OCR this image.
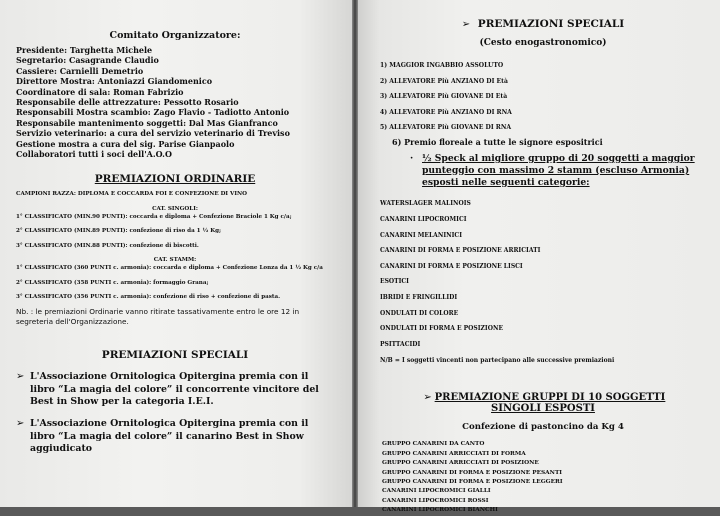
Comitato Organizzatore:
Presidente: Targhetta Michele
Segretario: Casagrande Claudio
Cassiere: Carnielli Demetrio
Direttore Mostra: Antoniazzi Giandomenico
Coordinatore di sala: Roman Fabrizio
Responsabile delle attrezzature: Pessotto Rosario
Responsabili Mostra scambio: Zago Flavio - Tadiotto Antonio
Responsabile mantenimento soggetti: Dal Mas Gianfranco
Servizio veterinario: a cura del servizio veterinario di Treviso
Gestione mostra a cura del sig. Parise Gianpaolo
Collaboratori tutti i soci dell'A.O.O
PREMIAZIONI ORDINARIE
CAMPIONI RAZZA: DIPLOMA E COCCARDA FOI E CONFEZIONE DI VINO
CAT. SINGOLI:
1° CLASSIFICATO (MIN.90 PUNTI): coccarda e diploma + Confezione Braciole 1 Kg c/a;
2° CLASSIFICATO (MIN.89 PUNTI): confezione di riso da 1 ½ Kg;
3° CLASSIFICATO (MIN.88 PUNTI): confezione di biscotti.
CAT. STAMM:
1° CLASSIFICATO (360 PUNTI c. armonia): coccarda e diploma + Confezione Lonza da 1 ½ Kg c/a
2° CLASSIFICATO (358 PUNTI c. armonia): formaggio Grana;
3° CLASSIFICATO (356 PUNTI c. armonia): confezione di riso + confezione di pasta.
Nb. : le premiazioni Ordinarie vanno ritirate tassativamente entro le ore 12 in segreteria dell'Organizzazione.
PREMIAZIONI SPECIALI
➢ L'Associazione Ornitologica Opitergina premia con il libro “La magia del colore” il concorrente vincitore del Best in Show per la categoria I.E.I.
➢ L'Associazione Ornitologica Opitergina premia con il libro “La magia del colore” il canarino Best in Show aggiudicato
➢ PREMIAZIONI SPECIALI
(Cesto enogastronomico)
1) MAGGIOR INGABBIO ASSOLUTO
2) ALLEVATORE Più ANZIANO DI Età
3) ALLEVATORE Più GIOVANE DI Età
4) ALLEVATORE Più ANZIANO DI RNA
5) ALLEVATORE Più GIOVANE DI RNA
6) Premio floreale a tutte le signore espositrici
· ½ Speck al migliore gruppo di 20 soggetti a maggior punteggio con massimo 2 stamm (escluso Armonia) esposti nelle seguenti categorie:
WATERSLAGER MALINOIS
CANARINI LIPOCROMICI
CANARINI MELANINICI
CANARINI DI FORMA E POSIZIONE ARRICIATI
CANARINI DI FORMA E POSIZIONE LISCI
ESOTICI
IBRIDI E FRINGILLIDI
ONDULATI DI COLORE
ONDULATI DI FORMA E POSIZIONE
PSITTACIDI
N/B = I soggetti vincenti non partecipano alle successive premiazioni
➢ PREMIAZIONE GRUPPI DI 10 SOGGETTI
SINGOLI ESPOSTI
Confezione di pastoncino da Kg 4
GRUPPO CANARINI DA CANTO
GRUPPO CANARINI ARRICCIATI DI FORMA
GRUPPO CANARINI ARRICCIATI DI POSIZIONE
GRUPPO CANARINI DI FORMA E POSIZIONE PESANTI
GRUPPO CANARINI DI FORMA E POSIZIONE LEGGERI
CANARINI LIPOCROMICI GIALLI
CANARINI LIPOCROMICI ROSSI
CANARINI LIPOCROMICI BIANCHI
